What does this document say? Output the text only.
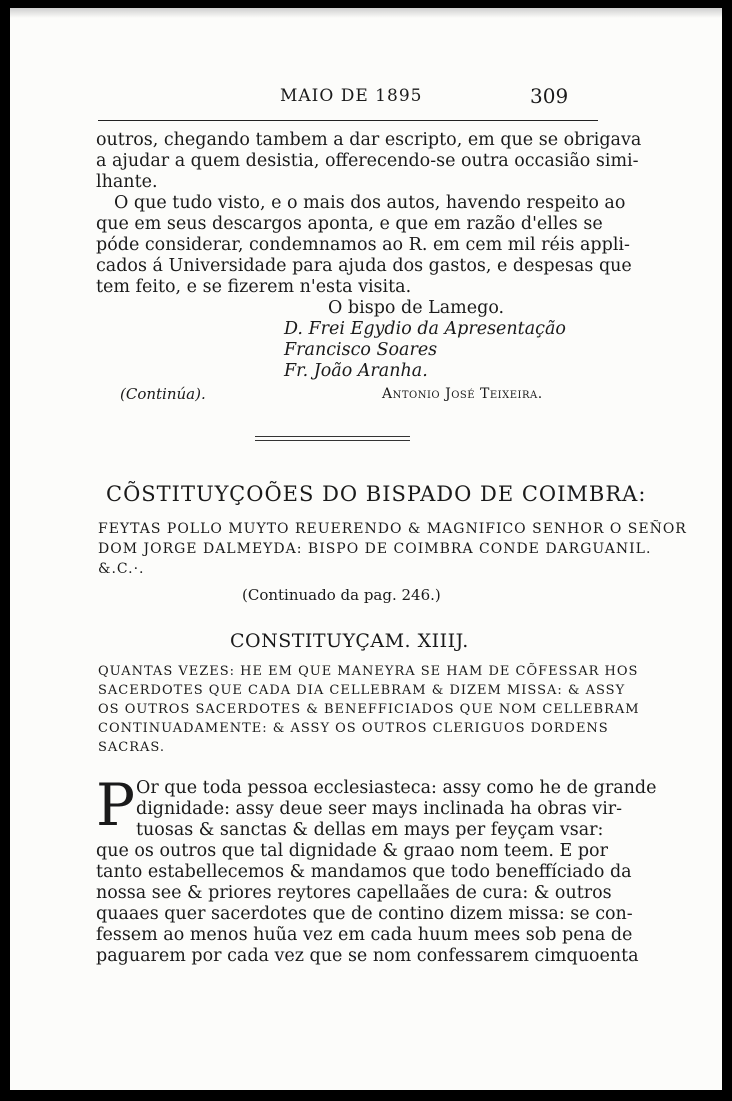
MAIO DE 1895	309
outros, chegando tambem a dar escripto, em que se obrigava
a ajudar a quem desistia, offerecendo-se outra occasião simi-
lhante.
O que tudo visto, e o mais dos autos, havendo respeito ao
que em seus descargos aponta, e que em razão d'elles se
póde considerar, condemnamos ao R. em cem mil réis appli-
cados á Universidade para ajuda dos gastos, e despesas que
tem feito, e se fizerem n'esta visita.
O bispo de Lamego.
D. Frei Egydio da Apresentação
Francisco Soares
Fr. João Aranha.
(Continúa).	Antonio José Teixeira.
CÕSTITUYÇOÕES DO BISPADO DE COIMBRA:
FEYTAS POLLO MUYTO REUERENDO & MAGNIFICO SENHOR O SEÑOR
DOM JORGE DALMEYDA: BISPO DE COIMBRA CONDE DARGUANIL.
&.C.·.
(Continuado da pag. 246.)
CONSTITUYÇAM. XIIIJ.
QUANTAS VEZES: HE EM QUE MANEYRA SE HAM DE CÕFESSAR HOS
SACERDOTES QUE CADA DIA CELLEBRAM & DIZEM MISSA: & ASSY
OS OUTROS SACERDOTES & BENEFFICIADOS QUE NOM CELLEBRAM
CONTINUADAMENTE: & ASSY OS OUTROS CLERIGUOS DORDENS
SACRAS.
P Or que toda pessoa ecclesiasteca: assy como he de grande
dignidade: assy deue seer mays inclinada ha obras vir-
tuosas & sanctas & dellas em mays per feyçam vsar:
que os outros que tal dignidade & graao nom teem. E por
tanto estabellecemos & mandamos que todo beneffíciado da
nossa see & priores reytores capellaães de cura: & outros
quaaes quer sacerdotes que de contino dizem missa: se con-
fessem ao menos huũa vez em cada huum mees sob pena de
paguarem por cada vez que se nom confessarem cimquoenta
